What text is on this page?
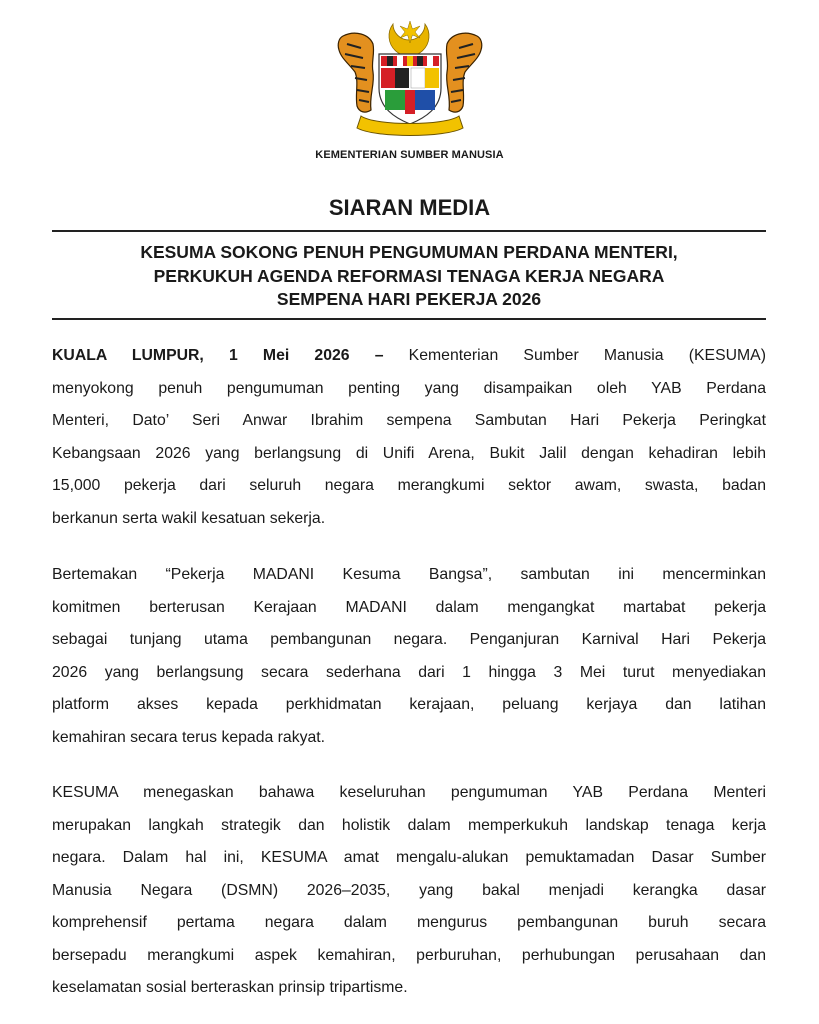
KEMENTERIAN SUMBER MANUSIA
SIARAN MEDIA
KESUMA SOKONG PENUH PENGUMUMAN PERDANA MENTERI,
PERKUKUH AGENDA REFORMASI TENAGA KERJA NEGARA
SEMPENA HARI PEKERJA 2026
KUALA LUMPUR, 1 Mei 2026 – Kementerian Sumber Manusia (KESUMA)
menyokong penuh pengumuman penting yang disampaikan oleh YAB Perdana
Menteri, Dato’ Seri Anwar Ibrahim sempena Sambutan Hari Pekerja Peringkat
Kebangsaan 2026 yang berlangsung di Unifi Arena, Bukit Jalil dengan kehadiran lebih
15,000 pekerja dari seluruh negara merangkumi sektor awam, swasta, badan
berkanun serta wakil kesatuan sekerja.
Bertemakan “Pekerja MADANI Kesuma Bangsa”, sambutan ini mencerminkan
komitmen berterusan Kerajaan MADANI dalam mengangkat martabat pekerja
sebagai tunjang utama pembangunan negara. Penganjuran Karnival Hari Pekerja
2026 yang berlangsung secara sederhana dari 1 hingga 3 Mei turut menyediakan
platform akses kepada perkhidmatan kerajaan, peluang kerjaya dan latihan
kemahiran secara terus kepada rakyat.
KESUMA menegaskan bahawa keseluruhan pengumuman YAB Perdana Menteri
merupakan langkah strategik dan holistik dalam memperkukuh landskap tenaga kerja
negara. Dalam hal ini, KESUMA amat mengalu-alukan pemuktamadan Dasar Sumber
Manusia Negara (DSMN) 2026–2035, yang bakal menjadi kerangka dasar
komprehensif pertama negara dalam mengurus pembangunan buruh secara
bersepadu merangkumi aspek kemahiran, perburuhan, perhubungan perusahaan dan
keselamatan sosial berteraskan prinsip tripartisme.
